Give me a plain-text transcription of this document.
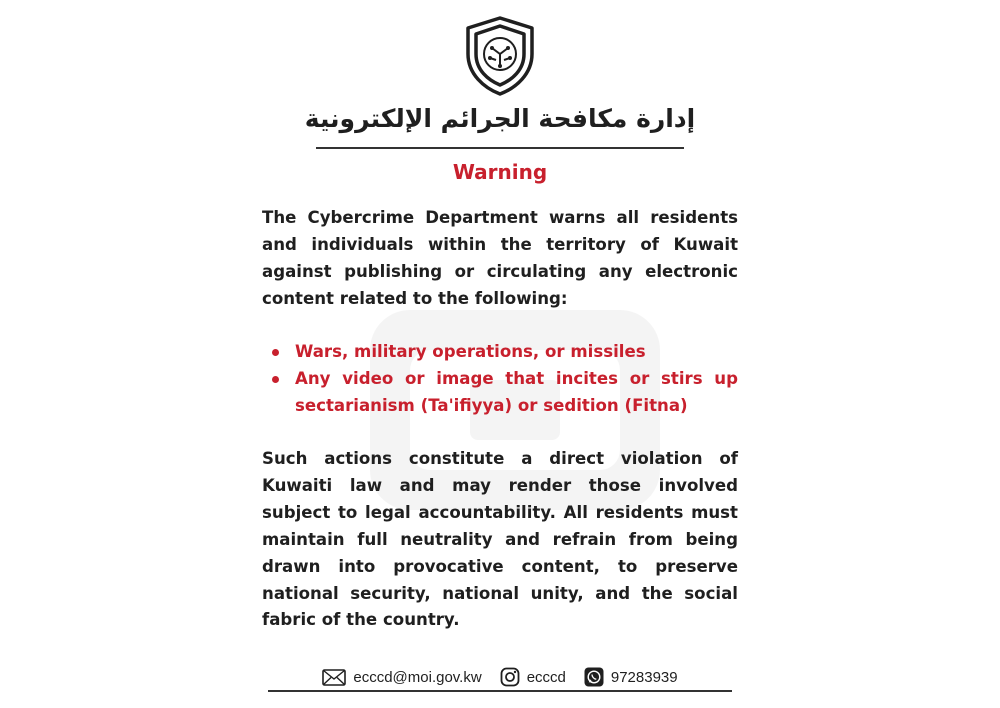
إدارة مكافحة الجرائم الإلكترونية
Warning

The Cybercrime Department warns all residents and individuals within the territory of Kuwait against publishing or circulating any electronic content related to the following:

Wars, military operations, or missiles
Any video or image that incites or stirs up sectarianism (Ta'ifiyya) or sedition (Fitna)

Such actions constitute a direct violation of Kuwaiti law and may render those involved subject to legal accountability. All residents must maintain full neutrality and refrain from being drawn into provocative content, to preserve national security, national unity, and the social fabric of the country.

ecccd@moi.gov.kw	ecccd	97283939
